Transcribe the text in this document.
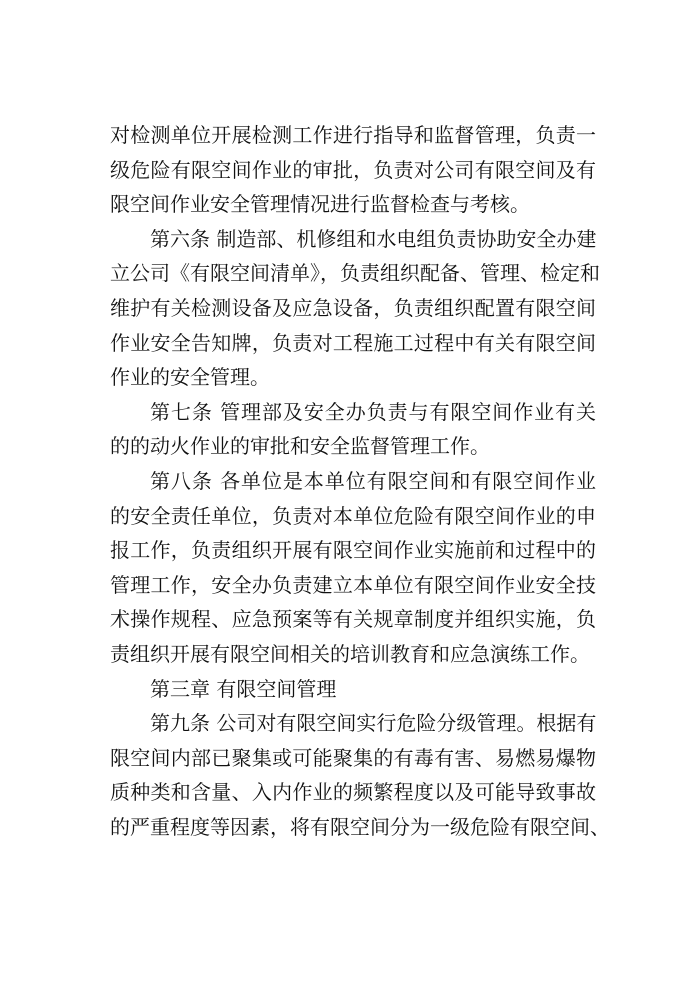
对检测单位开展检测工作进行指导和监督管理，负责一
级危险有限空间作业的审批，负责对公司有限空间及有
限空间作业安全管理情况进行监督检查与考核。
第六条 制造部、机修组和水电组负责协助安全办建
立公司《有限空间清单》，负责组织配备、管理、检定和
维护有关检测设备及应急设备，负责组织配置有限空间
作业安全告知牌，负责对工程施工过程中有关有限空间
作业的安全管理。
第七条 管理部及安全办负责与有限空间作业有关
的的动火作业的审批和安全监督管理工作。
第八条 各单位是本单位有限空间和有限空间作业
的安全责任单位，负责对本单位危险有限空间作业的申
报工作，负责组织开展有限空间作业实施前和过程中的
管理工作，安全办负责建立本单位有限空间作业安全技
术操作规程、应急预案等有关规章制度并组织实施，负
责组织开展有限空间相关的培训教育和应急演练工作。
第三章 有限空间管理
第九条 公司对有限空间实行危险分级管理。根据有
限空间内部已聚集或可能聚集的有毒有害、易燃易爆物
质种类和含量、入内作业的频繁程度以及可能导致事故
的严重程度等因素，将有限空间分为一级危险有限空间、
